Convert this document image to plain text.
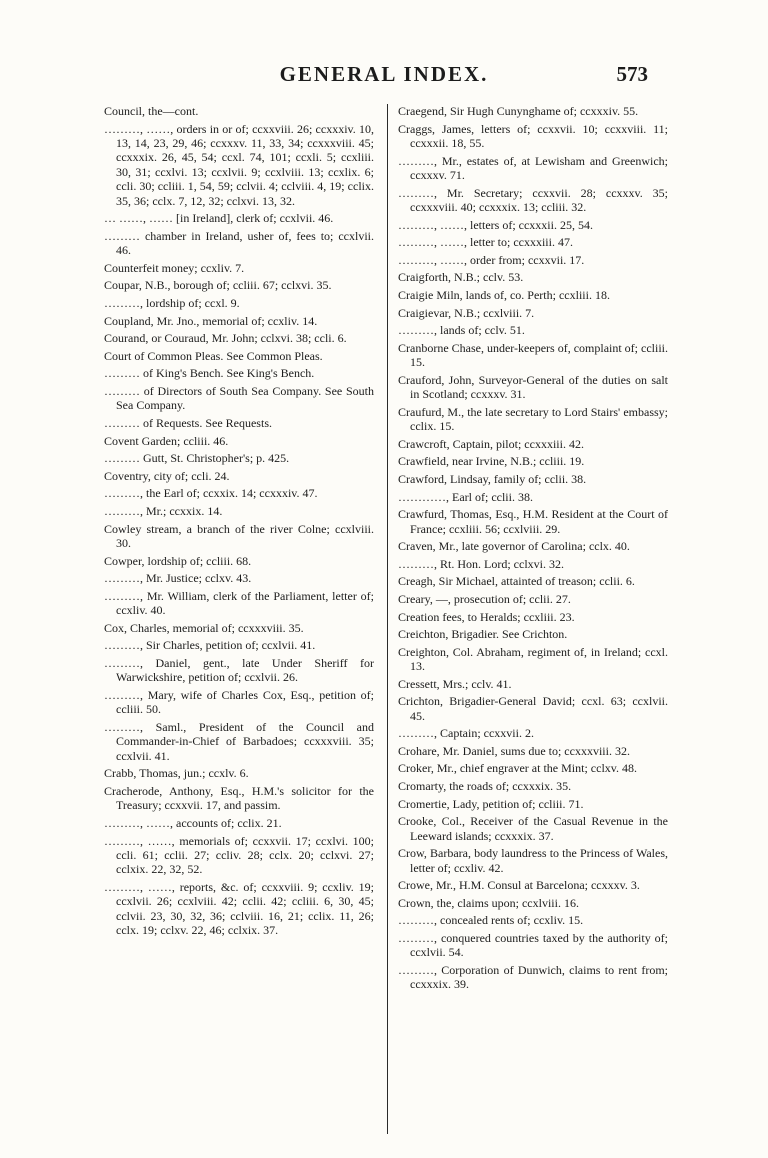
GENERAL INDEX.	573

Council, the—cont.

………, ……, orders in or of; ccxxviii. 26; ccxxxiv. 10, 13, 14, 23, 29, 46; ccxxxv. 11, 33, 34; ccxxxviii. 45; ccxxxix. 26, 45, 54; ccxl. 74, 101; ccxli. 5; ccxliii. 30, 31; ccxlvi. 13; ccxlvii. 9; ccxlviii. 13; ccxlix. 6; ccli. 30; ccliii. 1, 54, 59; cclvii. 4; cclviii. 4, 19; cclix. 35, 36; cclx. 7, 12, 32; cclxvi. 13, 32.

… ……, …… [in Ireland], clerk of; ccxlvii. 46.

……… chamber in Ireland, usher of, fees to; ccxlvii. 46.

Counterfeit money; ccxliv. 7.

Coupar, N.B., borough of; ccliii. 67; cclxvi. 35.

………, lordship of; ccxl. 9.

Coupland, Mr. Jno., memorial of; ccxliv. 14.

Courand, or Couraud, Mr. John; cclxvi. 38; ccli. 6.

Court of Common Pleas. See Common Pleas.

……… of King's Bench. See King's Bench.

……… of Directors of South Sea Company. See South Sea Company.

……… of Requests. See Requests.

Covent Garden; ccliii. 46.

……… Gutt, St. Christopher's; p. 425.

Coventry, city of; ccli. 24.

………, the Earl of; ccxxix. 14; ccxxxiv. 47.

………, Mr.; ccxxix. 14.

Cowley stream, a branch of the river Colne; ccxlviii. 30.

Cowper, lordship of; ccliii. 68.

………, Mr. Justice; cclxv. 43.

………, Mr. William, clerk of the Parliament, letter of; ccxliv. 40.

Cox, Charles, memorial of; ccxxxviii. 35.

………, Sir Charles, petition of; ccxlvii. 41.

………, Daniel, gent., late Under Sheriff for Warwickshire, petition of; ccxlvii. 26.

………, Mary, wife of Charles Cox, Esq., petition of; ccliii. 50.

………, Saml., President of the Council and Commander-in-Chief of Barbadoes; ccxxxviii. 35; ccxlvii. 41.

Crabb, Thomas, jun.; ccxlv. 6.

Cracherode, Anthony, Esq., H.M.'s solicitor for the Treasury; ccxxvii. 17, and passim.

………, ……, accounts of; cclix. 21.

………, ……, memorials of; ccxxvii. 17; ccxlvi. 100; ccli. 61; cclii. 27; ccliv. 28; cclx. 20; cclxvi. 27; cclxix. 22, 32, 52.

………, ……, reports, &c. of; ccxxviii. 9; ccxliv. 19; ccxlvii. 26; ccxlviii. 42; cclii. 42; ccliii. 6, 30, 45; cclvii. 23, 30, 32, 36; cclviii. 16, 21; cclix. 11, 26; cclx. 19; cclxv. 22, 46; cclxix. 37.

Craegend, Sir Hugh Cunynghame of; ccxxxiv. 55.

Craggs, James, letters of; ccxxvii. 10; ccxxviii. 11; ccxxxii. 18, 55.

………, Mr., estates of, at Lewisham and Greenwich; ccxxxv. 71.

………, Mr. Secretary; ccxxvii. 28; ccxxxv. 35; ccxxxviii. 40; ccxxxix. 13; ccliii. 32.

………, ……, letters of; ccxxxii. 25, 54.

………, ……, letter to; ccxxxiii. 47.

………, ……, order from; ccxxvii. 17.

Craigforth, N.B.; cclv. 53.

Craigie Miln, lands of, co. Perth; ccxliii. 18.

Craigievar, N.B.; ccxlviii. 7.

………, lands of; cclv. 51.

Cranborne Chase, under-keepers of, complaint of; ccliii. 15.

Crauford, John, Surveyor-General of the duties on salt in Scotland; ccxxxv. 31.

Craufurd, M., the late secretary to Lord Stairs' embassy; cclix. 15.

Crawcroft, Captain, pilot; ccxxxiii. 42.

Crawfield, near Irvine, N.B.; ccliii. 19.

Crawford, Lindsay, family of; cclii. 38.

…………, Earl of; cclii. 38.

Crawfurd, Thomas, Esq., H.M. Resident at the Court of France; ccxliii. 56; ccxlviii. 29.

Craven, Mr., late governor of Carolina; cclx. 40.

………, Rt. Hon. Lord; cclxvi. 32.

Creagh, Sir Michael, attainted of treason; cclii. 6.

Creary, —, prosecution of; cclii. 27.

Creation fees, to Heralds; ccxliii. 23.

Creichton, Brigadier. See Crichton.

Creighton, Col. Abraham, regiment of, in Ireland; ccxl. 13.

Cressett, Mrs.; cclv. 41.

Crichton, Brigadier-General David; ccxl. 63; ccxlvii. 45.

………, Captain; ccxxvii. 2.

Crohare, Mr. Daniel, sums due to; ccxxxviii. 32.

Croker, Mr., chief engraver at the Mint; cclxv. 48.

Cromarty, the roads of; ccxxxix. 35.

Cromertie, Lady, petition of; ccliii. 71.

Crooke, Col., Receiver of the Casual Revenue in the Leeward islands; ccxxxix. 37.

Crow, Barbara, body laundress to the Princess of Wales, letter of; ccxliv. 42.

Crowe, Mr., H.M. Consul at Barcelona; ccxxxv. 3.

Crown, the, claims upon; ccxlviii. 16.

………, concealed rents of; ccxliv. 15.

………, conquered countries taxed by the authority of; ccxlvii. 54.

………, Corporation of Dunwich, claims to rent from; ccxxxix. 39.
